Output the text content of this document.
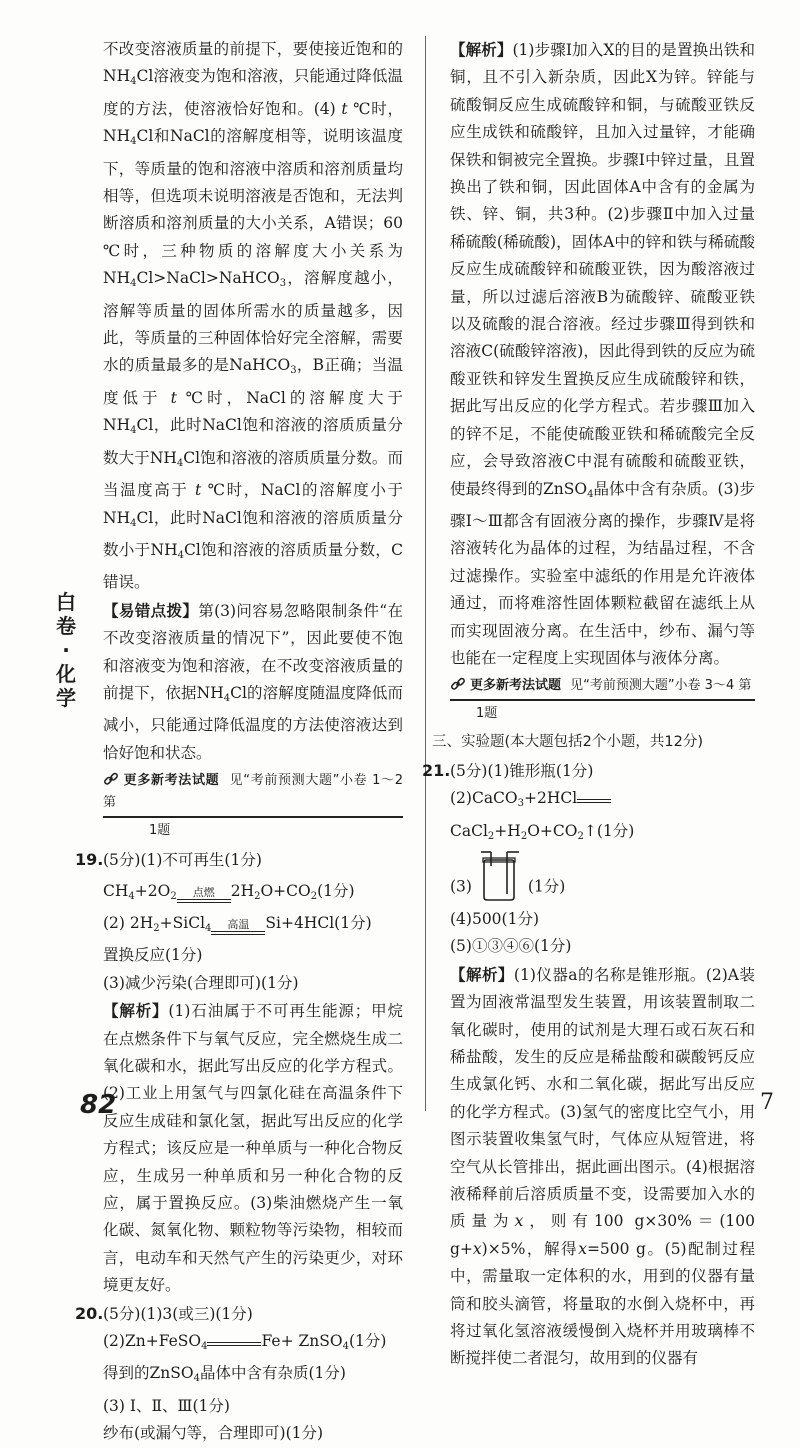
不改变溶液质量的前提下，要使接近饱和的$NH_4Cl$溶液变为饱和溶液，只能通过降低温度的方法，使溶液恰好饱和。(4) t ℃时，$NH_4Cl$和NaCl的溶解度相等，说明该温度下，等质量的饱和溶液中溶质和溶剂质量均相等，但选项未说明溶液是否饱和，无法判断溶质和溶剂质量的大小关系，A错误；60 ℃时，三种物质的溶解度大小关系为$NH_4Cl>NaCl>NaHCO_3$，溶解度越小，溶解等质量的固体所需水的质量越多，因此，等质量的三种固体恰好完全溶解，需要水的质量最多的是NaHCO$_3$，B正确；当温度低于 t ℃时，NaCl的溶解度大于$NH_4Cl$，此时NaCl饱和溶液的溶质质量分数大于$NH_4Cl$饱和溶液的溶质质量分数。而当温度高于 t ℃时，NaCl的溶解度小于$NH_4Cl$，此时NaCl饱和溶液的溶质质量分数小于$NH_4Cl$饱和溶液的溶质质量分数，C错误。

【易错点拨】第(3)问容易忽略限制条件“在不改变溶液质量的情况下”，因此要使不饱和溶液变为饱和溶液，在不改变溶液质量的前提下，依据$NH_4Cl$的溶解度随温度降低而减小，只能通过降低温度的方法使溶液达到恰好饱和状态。

更多新考法试题 见“考前预测大题”小卷 1～2 第
1题

19.(5分)(1)不可再生(1分)

$CH_4+2O_2$	点燃	$2H_2O+CO_2(1$分)

(2) $2H_2+SiCl_4$	高温	Si+4HCl(1分)

置换反应(1分)

(3)减少污染(合理即可)(1分)

【解析】(1)石油属于不可再生能源；甲烷在点燃条件下与氧气反应，完全燃烧生成二氧化碳和水，据此写出反应的化学方程式。(2)工业上用氢气与四氯化硅在高温条件下反应生成硅和氯化氢，据此写出反应的化学方程式；该反应是一种单质与一种化合物反应，生成另一种单质和另一种化合物的反应，属于置换反应。(3)柴油燃烧产生一氧化碳、氮氧化物、颗粒物等污染物，相较而言，电动车和天然气产生的污染更少，对环境更友好。

20.(5分)(1)3(或三)(1分)

(2)Zn+FeSO$_4$	Fe+ ZnSO$_4$(1分)

得到的ZnSO$_4$晶体中含有杂质(1分)

(3) Ⅰ、Ⅱ、Ⅲ(1分)

纱布(或漏勺等，合理即可)(1分)

【解析】(1)步骤Ⅰ加入X的目的是置换出铁和铜，且不引入新杂质，因此X为锌。锌能与硫酸铜反应生成硫酸锌和铜，与硫酸亚铁反应生成铁和硫酸锌，且加入过量锌，才能确保铁和铜被完全置换。步骤Ⅰ中锌过量，且置换出了铁和铜，因此固体A中含有的金属为铁、锌、铜，共3种。(2)步骤Ⅱ中加入过量稀硫酸(稀硫酸)，固体A中的锌和铁与稀硫酸反应生成硫酸锌和硫酸亚铁，因为酸溶液过量，所以过滤后溶液B为硫酸锌、硫酸亚铁以及硫酸的混合溶液。经过步骤Ⅲ得到铁和溶液C(硫酸锌溶液)，因此得到铁的反应为硫酸亚铁和锌发生置换反应生成硫酸锌和铁，据此写出反应的化学方程式。若步骤Ⅲ加入的锌不足，不能使硫酸亚铁和稀硫酸完全反应，会导致溶液C中混有硫酸和硫酸亚铁，使最终得到的ZnSO$_4$晶体中含有杂质。(3)步骤Ⅰ～Ⅲ都含有固液分离的操作，步骤Ⅳ是将溶液转化为晶体的过程，为结晶过程，不含过滤操作。实验室中滤纸的作用是允许液体通过，而将难溶性固体颗粒截留在滤纸上从而实现固液分离。在生活中，纱布、漏勺等也能在一定程度上实现固体与液体分离。

更多新考法试题 见“考前预测大题”小卷 3～4 第
1题

三、实验题(本大题包括2个小题，共12分)

21.(5分)(1)锥形瓶(1分)

(2)CaCO$_3$+2HCl
$CaCl_2+H_2O+CO_2↑(1$分)

(3)	(1分)

(4)500(1分)

(5)①③④⑥(1分)

【解析】(1)仪器a的名称是锥形瓶。(2)A装置为固液常温型发生装置，用该装置制取二氧化碳时，使用的试剂是大理石或石灰石和稀盐酸，发生的反应是稀盐酸和碳酸钙反应生成氯化钙、水和二氧化碳，据此写出反应的化学方程式。(3)氢气的密度比空气小，用图示装置收集氢气时，气体应从短管进，将空气从长管排出，据此画出图示。(4)根据溶液稀释前后溶质质量不变，设需要加入水的质量为x，则有100 g×30%＝(100 g+x)×5%，解得x=500 g。(5)配制过程中，需量取一定体积的水，用到的仪器有量筒和胶头滴管，将量取的水倒入烧杯中，再将过氧化氢溶液缓慢倒入烧杯并用玻璃棒不断搅拌使二者混匀，故用到的仪器有

白
卷
·
化
学
82	7
